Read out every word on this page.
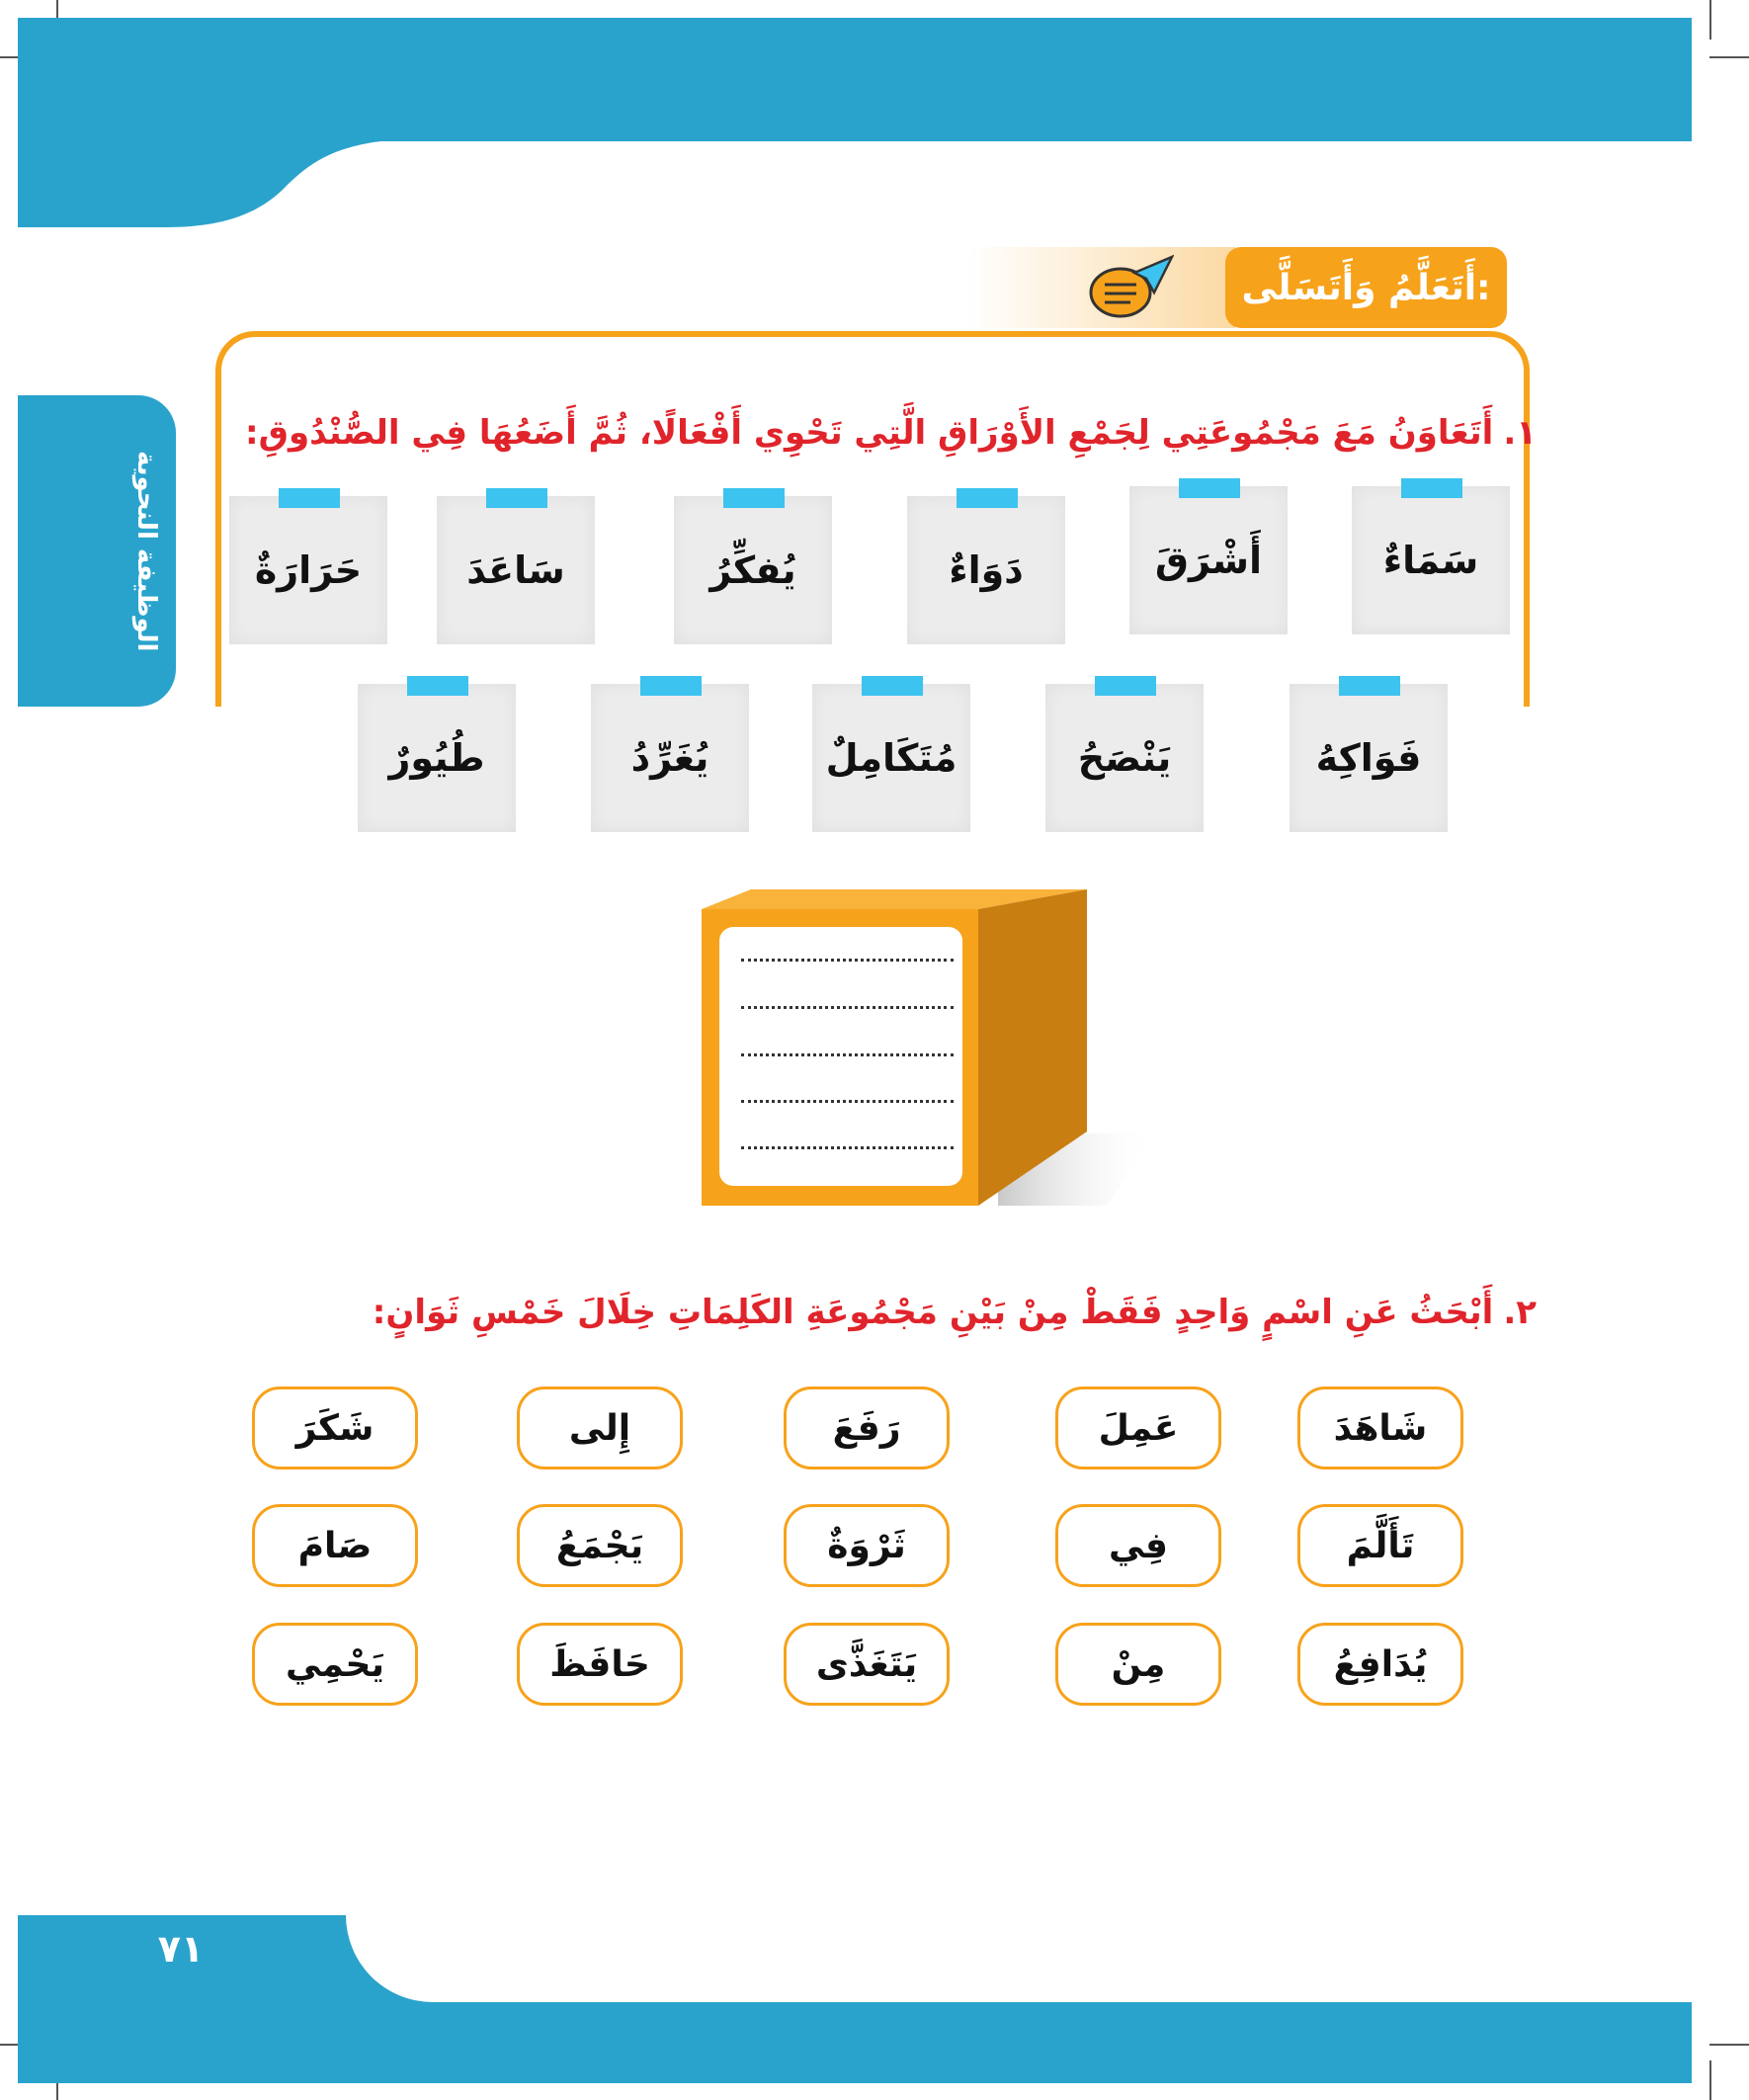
الوظيفة النحوية
أَتَعَلَّمُ وَأَتَسَلَّى:
١.أَتَعَاوَنُ مَعَ مَجْمُوعَتِي لِجَمْعِ الأَوْرَاقِ الَّتِي تَحْوِي أَفْعَالًا، ثُمَّ أَضَعُهَا فِي الصُّنْدُوقِ:
سَمَاءٌ
أَشْرَقَ
دَوَاءٌ
يُفكِّرُ
سَاعَدَ
حَرَارَةٌ
فَوَاكِهُ
يَنْصَحُ
مُتَكَامِلٌ
يُغَرِّدُ
طُيُورٌ
٢.أَبْحَثُ عَنِ اسْمٍ وَاحِدٍ فَقَطْ مِنْ بَيْنِ مَجْمُوعَةِ الكَلِمَاتِ خِلَالَ خَمْسِ ثَوَانٍ:
شَاهَدَ
عَمِلَ
رَفَعَ
إِلى
شَكَرَ
تَأَلَّمَ
فِي
ثَرْوَةٌ
يَجْمَعُ
صَامَ
يُدَافِعُ
مِنْ
يَتَغَذَّى
حَافَظَ
يَحْمِي
٧١
